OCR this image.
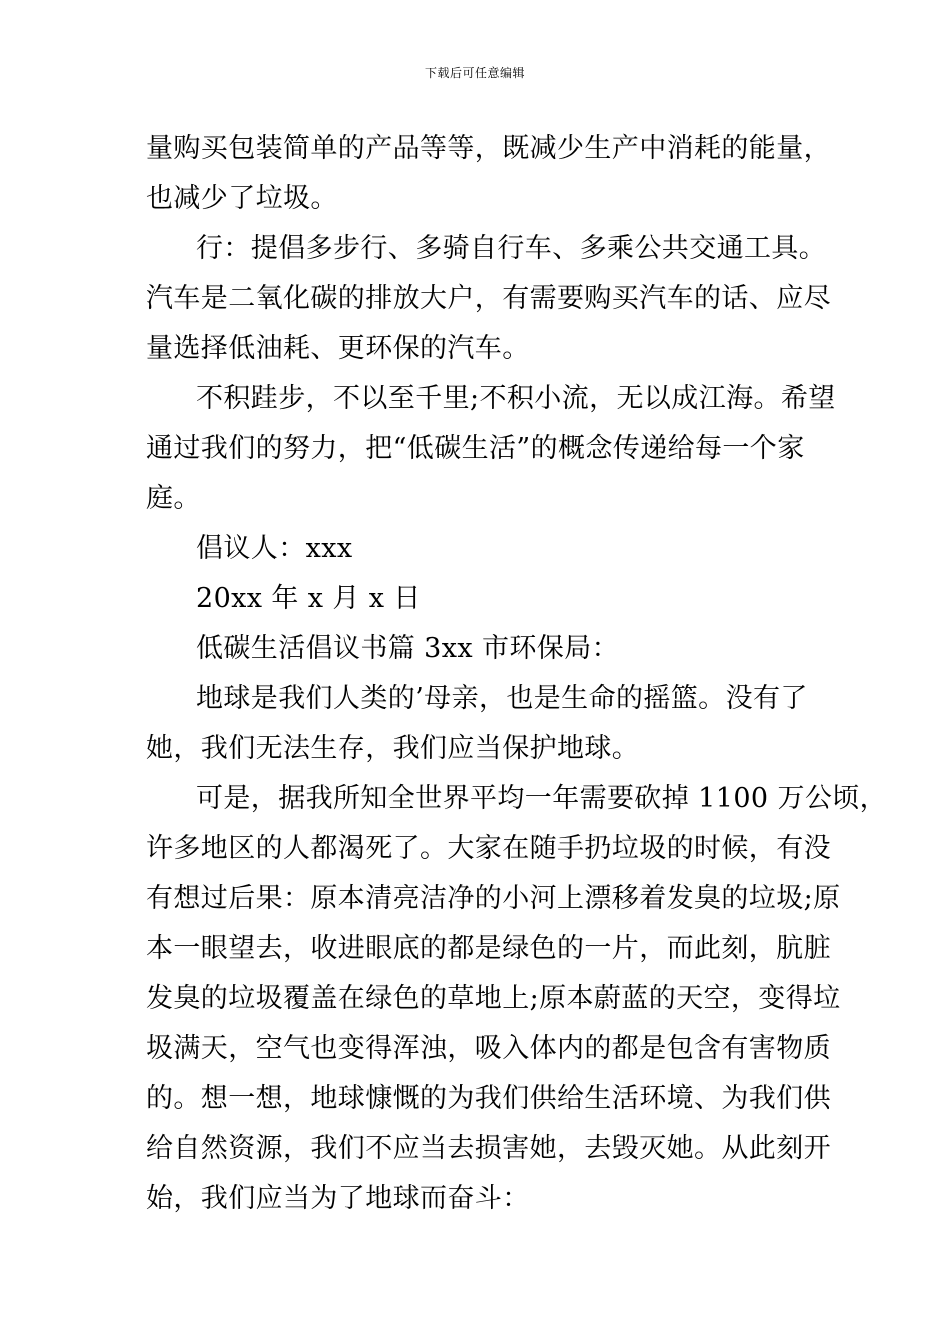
下载后可任意编辑
量购买包装简单的产品等等，既减少生产中消耗的能量，
也减少了垃圾。
行：提倡多步行、多骑自行车、多乘公共交通工具。
汽车是二氧化碳的排放大户，有需要购买汽车的话、应尽
量选择低油耗、更环保的汽车。
不积跬步，不以至千里;不积小流，无以成江海。希望
通过我们的努力，把“低碳生活”的概念传递给每一个家
庭。
倡议人：xxx
20xx 年 x 月 x 日
低碳生活倡议书篇 3xx 市环保局：
地球是我们人类的’母亲，也是生命的摇篮。没有了
她，我们无法生存，我们应当保护地球。
可是，据我所知全世界平均一年需要砍掉 1100 万公顷，
许多地区的人都渴死了。大家在随手扔垃圾的时候，有没
有想过后果：原本清亮洁净的小河上漂移着发臭的垃圾;原
本一眼望去，收进眼底的都是绿色的一片，而此刻，肮脏
发臭的垃圾覆盖在绿色的草地上;原本蔚蓝的天空，变得垃
圾满天，空气也变得浑浊，吸入体内的都是包含有害物质
的。想一想，地球慷慨的为我们供给生活环境、为我们供
给自然资源，我们不应当去损害她，去毁灭她。从此刻开
始，我们应当为了地球而奋斗：
